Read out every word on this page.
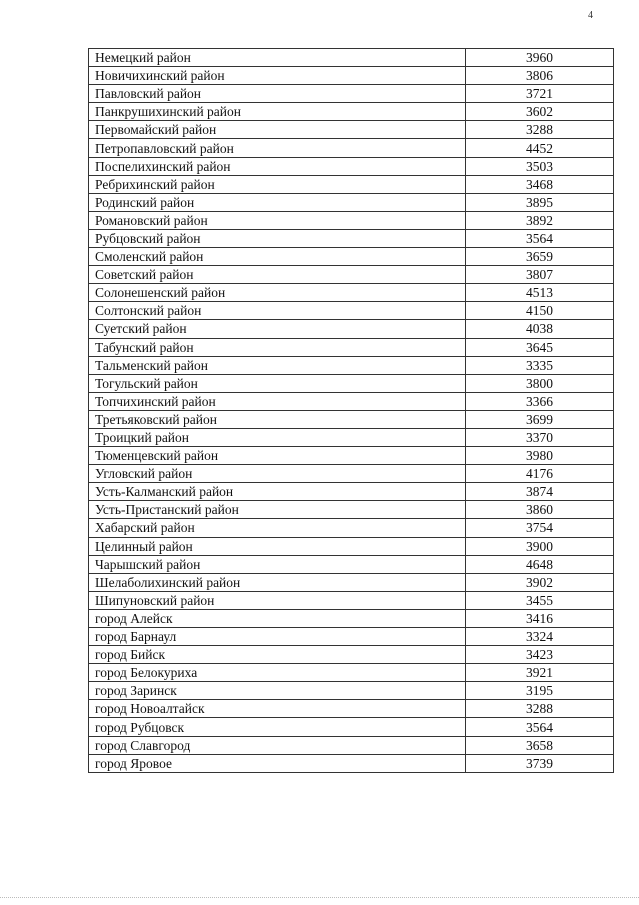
4
Немецкий район	3960
Новичихинский район	3806
Павловский район	3721
Панкрушихинский район	3602
Первомайский район	3288
Петропавловский район	4452
Поспелихинский район	3503
Ребрихинский район	3468
Родинский район	3895
Романовский район	3892
Рубцовский район	3564
Смоленский район	3659
Советский район	3807
Солонешенский район	4513
Солтонский район	4150
Суетский район	4038
Табунский район	3645
Тальменский район	3335
Тогульский район	3800
Топчихинский район	3366
Третьяковский район	3699
Троицкий район	3370
Тюменцевский район	3980
Угловский район	4176
Усть-Калманский район	3874
Усть-Пристанский район	3860
Хабарский район	3754
Целинный район	3900
Чарышский район	4648
Шелаболихинский район	3902
Шипуновский район	3455
город Алейск	3416
город Барнаул	3324
город Бийск	3423
город Белокуриха	3921
город Заринск	3195
город Новоалтайск	3288
город Рубцовск	3564
город Славгород	3658
город Яровое	3739
